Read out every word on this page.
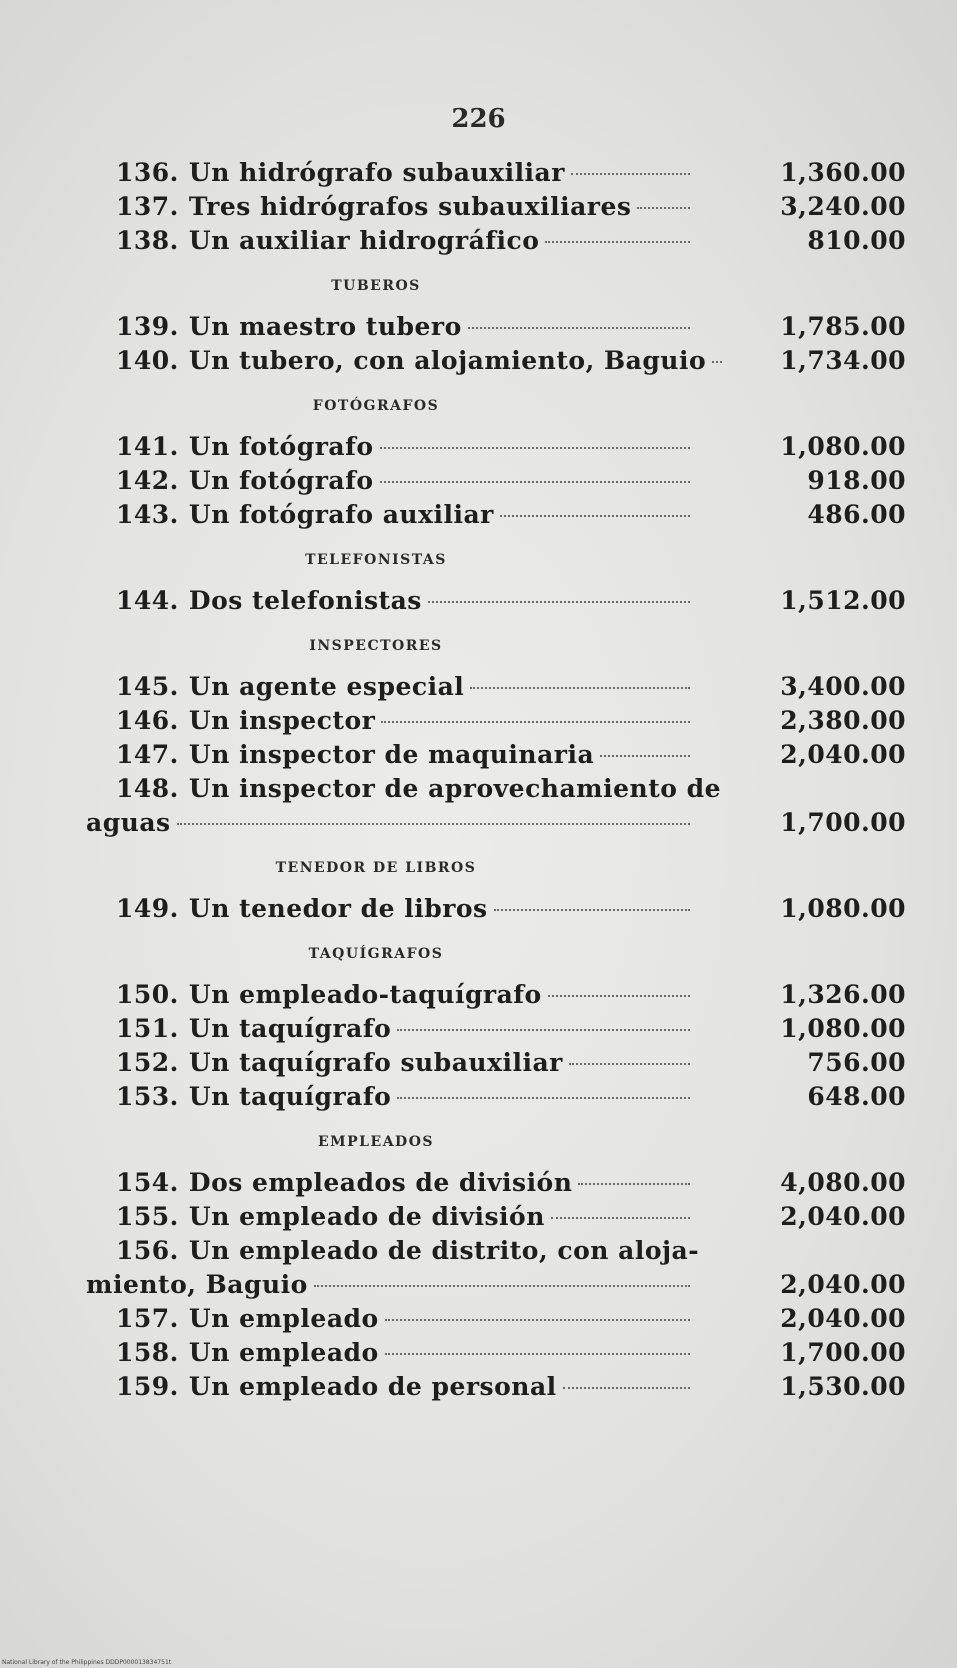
226
136. Un hidrógrafo subauxiliar	1,360.00
137. Tres hidrógrafos subauxiliares	3,240.00
138. Un auxiliar hidrográfico	810.00
TUBEROS
139. Un maestro tubero	1,785.00
140. Un tubero, con alojamiento, Baguio	1,734.00
FOTÓGRAFOS
141. Un fotógrafo	1,080.00
142. Un fotógrafo	918.00
143. Un fotógrafo auxiliar	486.00
TELEFONISTAS
144. Dos telefonistas	1,512.00
INSPECTORES
145. Un agente especial	3,400.00
146. Un inspector	2,380.00
147. Un inspector de maquinaria	2,040.00
148. Un inspector de aprovechamiento de
aguas	1,700.00
TENEDOR DE LIBROS
149. Un tenedor de libros	1,080.00
TAQUÍGRAFOS
150. Un empleado-taquígrafo	1,326.00
151. Un taquígrafo	1,080.00
152. Un taquígrafo subauxiliar	756.00
153. Un taquígrafo	648.00
EMPLEADOS
154. Dos empleados de división	4,080.00
155. Un empleado de división	2,040.00
156. Un empleado de distrito, con aloja-
miento, Baguio	2,040.00
157. Un empleado	2,040.00
158. Un empleado	1,700.00
159. Un empleado de personal	1,530.00
National Library of the Philippines DDDP000013834751t
